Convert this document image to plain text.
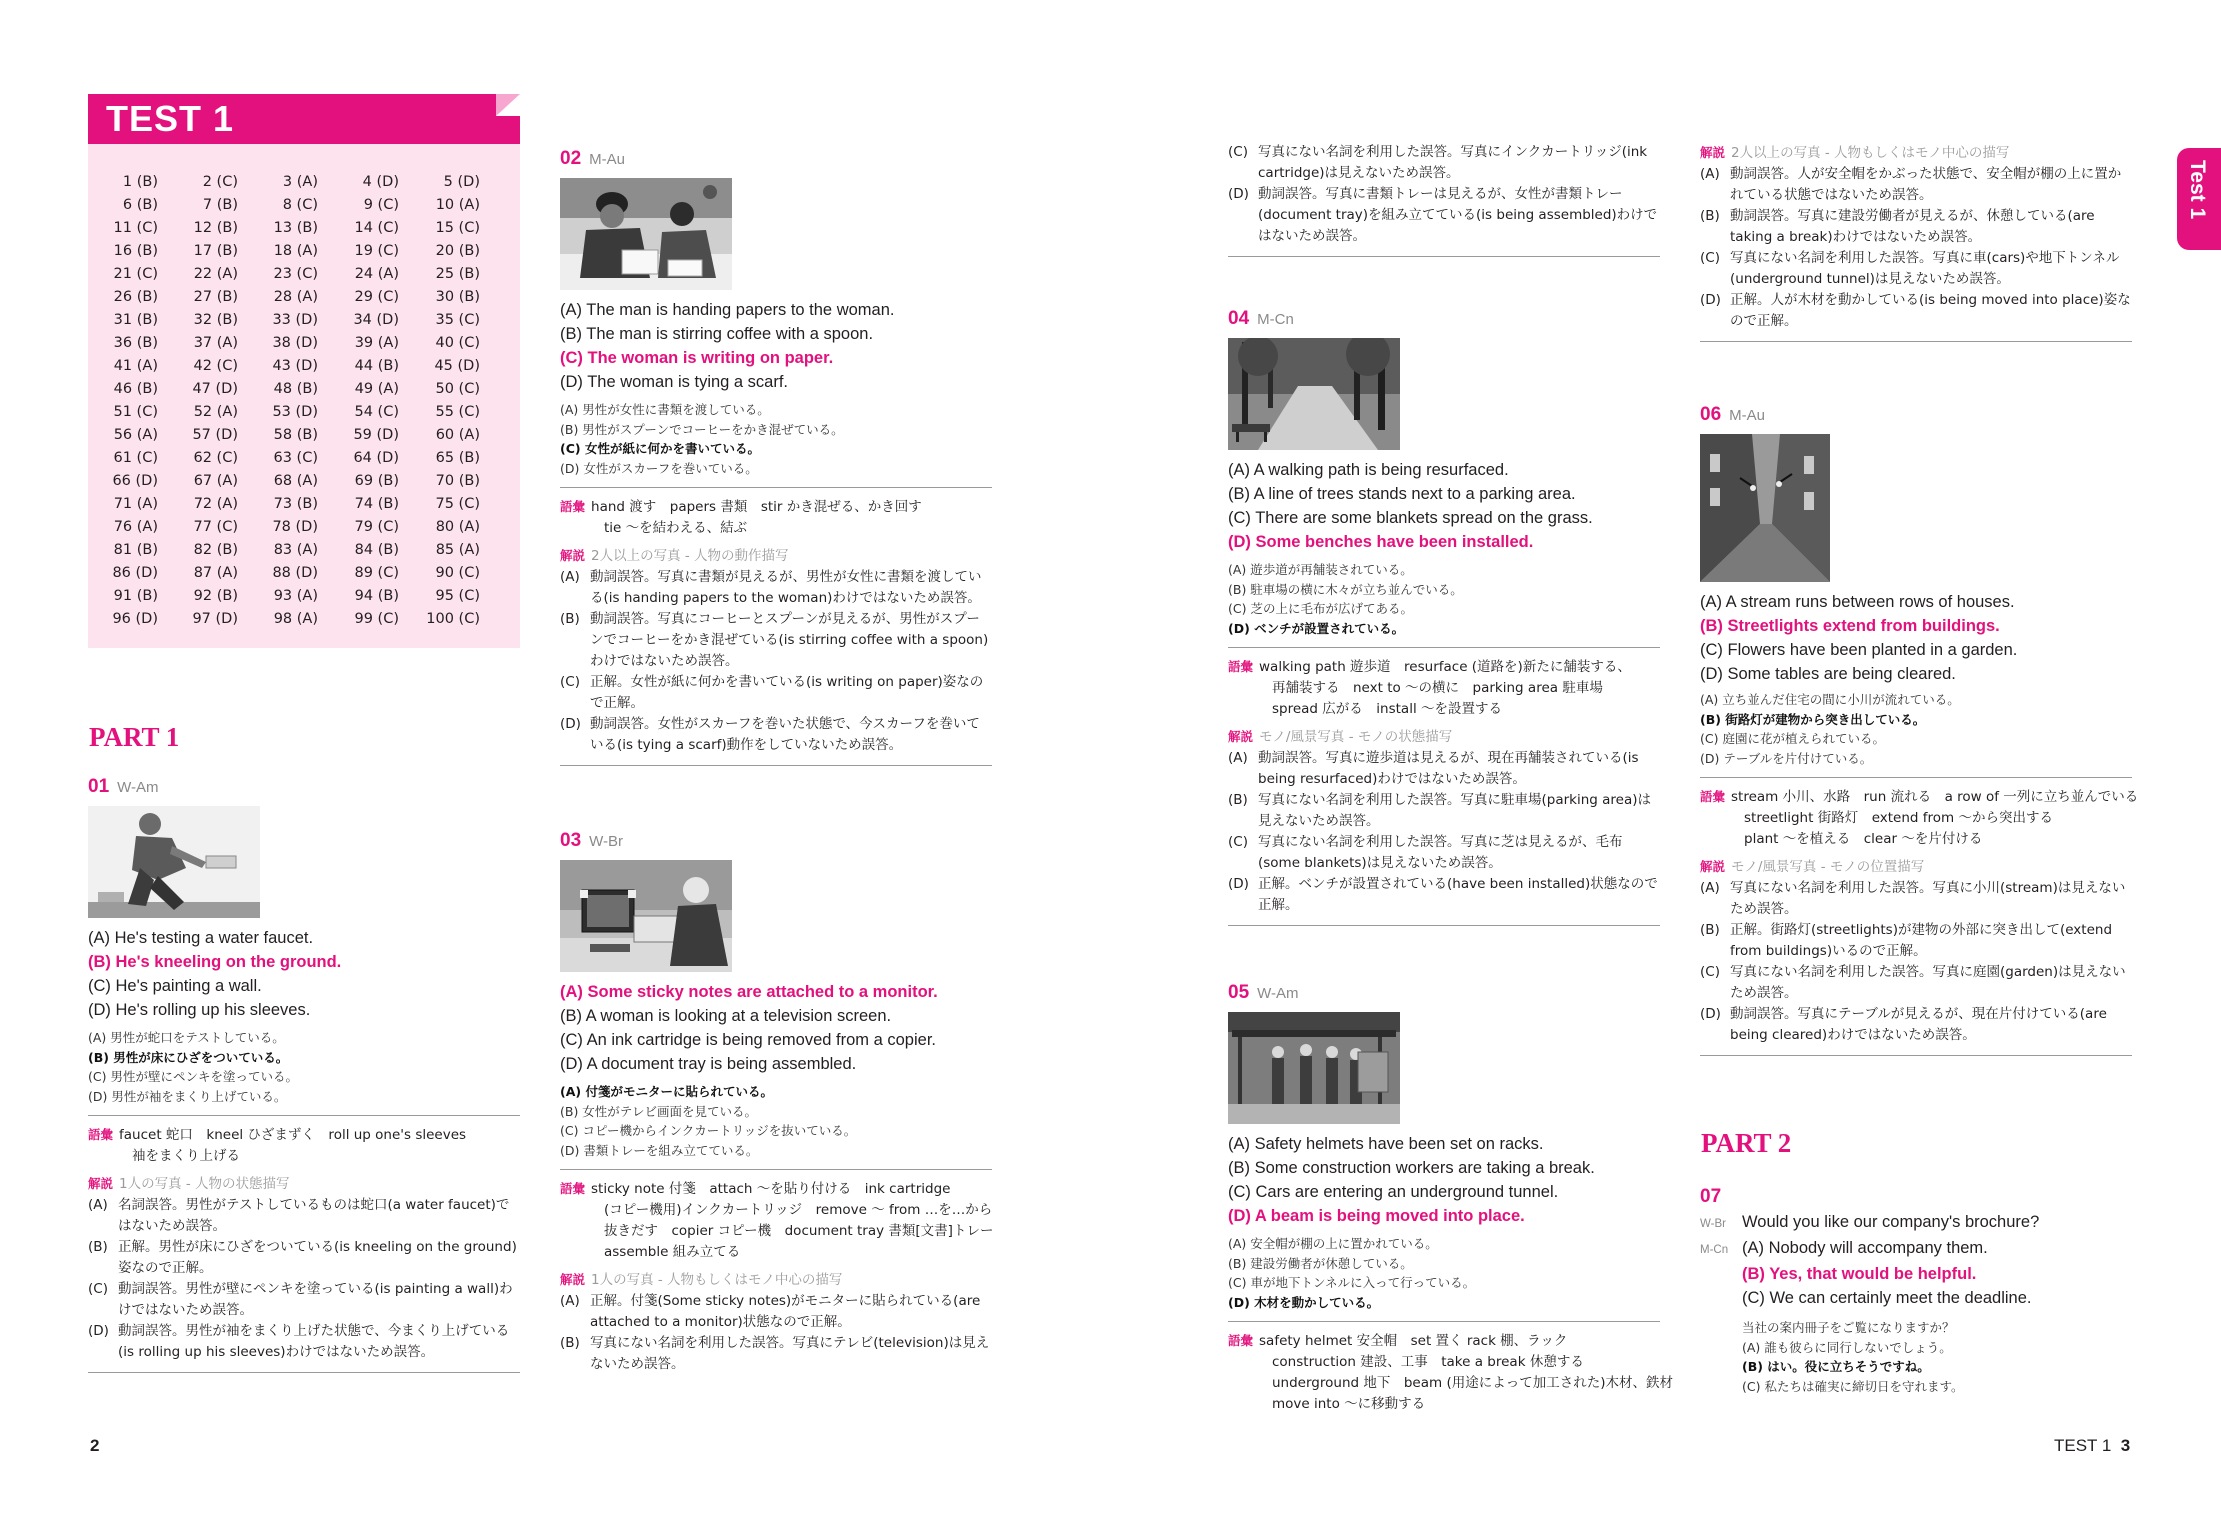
TEST 1
1 (B)	2 (C)	3 (A)	4 (D)	5 (D)
6 (B)	7 (B)	8 (C)	9 (C)	10 (A)
11 (C)	12 (B)	13 (B)	14 (C)	15 (C)
16 (B)	17 (B)	18 (A)	19 (C)	20 (B)
21 (C)	22 (A)	23 (C)	24 (A)	25 (B)
26 (B)	27 (B)	28 (A)	29 (C)	30 (B)
31 (B)	32 (B)	33 (D)	34 (D)	35 (C)
36 (B)	37 (A)	38 (D)	39 (A)	40 (C)
41 (A)	42 (C)	43 (D)	44 (B)	45 (D)
46 (B)	47 (D)	48 (B)	49 (A)	50 (C)
51 (C)	52 (A)	53 (D)	54 (C)	55 (C)
56 (A)	57 (D)	58 (B)	59 (D)	60 (A)
61 (C)	62 (C)	63 (C)	64 (D)	65 (B)
66 (D)	67 (A)	68 (A)	69 (B)	70 (B)
71 (A)	72 (A)	73 (B)	74 (B)	75 (C)
76 (A)	77 (C)	78 (D)	79 (C)	80 (A)
81 (B)	82 (B)	83 (A)	84 (B)	85 (A)
86 (D)	87 (A)	88 (D)	89 (C)	90 (C)
91 (B)	92 (B)	93 (A)	94 (B)	95 (C)
96 (D)	97 (D)	98 (A)	99 (C)	100 (C)
PART 1
01 W-Am
(A) He's testing a water faucet.
(B) He's kneeling on the ground.
(C) He's painting a wall.
(D) He's rolling up his sleeves.
(A) 男性が蛇口をテストしている。
(B) 男性が床にひざをついている。
(C) 男性が壁にペンキを塗っている。
(D) 男性が袖をまくり上げている。
語彙 faucet 蛇口　kneel ひざまずく　roll up one's sleeves
袖をまくり上げる
解説 1人の写真 - 人物の状態描写
(A) 名詞誤答。男性がテストしているものは蛇口(a water faucet)ではないため誤答。
(B) 正解。男性が床にひざをついている(is kneeling on the ground)姿なので正解。
(C) 動詞誤答。男性が壁にペンキを塗っている(is painting a wall)わけではないため誤答。
(D) 動詞誤答。男性が袖をまくり上げた状態で、今まくり上げている(is rolling up his sleeves)わけではないため誤答。
02 M-Au
(A) The man is handing papers to the woman.
(B) The man is stirring coffee with a spoon.
(C) The woman is writing on paper.
(D) The woman is tying a scarf.
(A) 男性が女性に書類を渡している。
(B) 男性がスプーンでコーヒーをかき混ぜている。
(C) 女性が紙に何かを書いている。
(D) 女性がスカーフを巻いている。
語彙 hand 渡す　papers 書類　stir かき混ぜる、かき回す
tie ～を結わえる、結ぶ
解説 2人以上の写真 - 人物の動作描写
(A) 動詞誤答。写真に書類が見えるが、男性が女性に書類を渡している(is handing papers to the woman)わけではないため誤答。
(B) 動詞誤答。写真にコーヒーとスプーンが見えるが、男性がスプーンでコーヒーをかき混ぜている(is stirring coffee with a spoon)わけではないため誤答。
(C) 正解。女性が紙に何かを書いている(is writing on paper)姿なので正解。
(D) 動詞誤答。女性がスカーフを巻いた状態で、今スカーフを巻いている(is tying a scarf)動作をしていないため誤答。
03 W-Br
(A) Some sticky notes are attached to a monitor.
(B) A woman is looking at a television screen.
(C) An ink cartridge is being removed from a copier.
(D) A document tray is being assembled.
(A) 付箋がモニターに貼られている。
(B) 女性がテレビ画面を見ている。
(C) コピー機からインクカートリッジを抜いている。
(D) 書類トレーを組み立てている。
語彙 sticky note 付箋　attach ～を貼り付ける　ink cartridge
(コピー機用)インクカートリッジ　remove ～ from …を…から
抜きだす　copier コピー機　document tray 書類[文書]トレー
assemble 組み立てる
解説 1人の写真 - 人物もしくはモノ中心の描写
(A) 正解。付箋(Some sticky notes)がモニターに貼られている(are attached to a monitor)状態なので正解。
(B) 写真にない名詞を利用した誤答。写真にテレビ(television)は見えないため誤答。
2
(C) 写真にない名詞を利用した誤答。写真にインクカートリッジ(ink cartridge)は見えないため誤答。
(D) 動詞誤答。写真に書類トレーは見えるが、女性が書類トレー(document tray)を組み立てている(is being assembled)わけではないため誤答。
04 M-Cn
(A) A walking path is being resurfaced.
(B) A line of trees stands next to a parking area.
(C) There are some blankets spread on the grass.
(D) Some benches have been installed.
(A) 遊歩道が再舗装されている。
(B) 駐車場の横に木々が立ち並んでいる。
(C) 芝の上に毛布が広げてある。
(D) ベンチが設置されている。
語彙 walking path 遊歩道　resurface (道路を)新たに舗装する、
再舗装する　next to ～の横に　parking area 駐車場
spread 広がる　install ～を設置する
解説 モノ/風景写真 - モノの状態描写
(A) 動詞誤答。写真に遊歩道は見えるが、現在再舗装されている(is being resurfaced)わけではないため誤答。
(B) 写真にない名詞を利用した誤答。写真に駐車場(parking area)は見えないため誤答。
(C) 写真にない名詞を利用した誤答。写真に芝は見えるが、毛布(some blankets)は見えないため誤答。
(D) 正解。ベンチが設置されている(have been installed)状態なので正解。
05 W-Am
(A) Safety helmets have been set on racks.
(B) Some construction workers are taking a break.
(C) Cars are entering an underground tunnel.
(D) A beam is being moved into place.
(A) 安全帽が棚の上に置かれている。
(B) 建設労働者が休憩している。
(C) 車が地下トンネルに入って行っている。
(D) 木材を動かしている。
語彙 safety helmet 安全帽　set 置く rack 棚、ラック
construction 建設、工事　take a break 休憩する
underground 地下　beam (用途によって加工された)木材、鉄材
move into ～に移動する
解説 2人以上の写真 - 人物もしくはモノ中心の描写
(A) 動詞誤答。人が安全帽をかぶった状態で、安全帽が棚の上に置かれている状態ではないため誤答。
(B) 動詞誤答。写真に建設労働者が見えるが、休憩している(are taking a break)わけではないため誤答。
(C) 写真にない名詞を利用した誤答。写真に車(cars)や地下トンネル(underground tunnel)は見えないため誤答。
(D) 正解。人が木材を動かしている(is being moved into place)姿なので正解。
06 M-Au
(A) A stream runs between rows of houses.
(B) Streetlights extend from buildings.
(C) Flowers have been planted in a garden.
(D) Some tables are being cleared.
(A) 立ち並んだ住宅の間に小川が流れている。
(B) 街路灯が建物から突き出している。
(C) 庭園に花が植えられている。
(D) テーブルを片付けている。
語彙 stream 小川、水路　run 流れる　a row of 一列に立ち並んでいる
streetlight 街路灯　extend from ～から突出する
plant ～を植える　clear ～を片付ける
解説 モノ/風景写真 - モノの位置描写
(A) 写真にない名詞を利用した誤答。写真に小川(stream)は見えないため誤答。
(B) 正解。街路灯(streetlights)が建物の外部に突き出して(extend from buildings)いるので正解。
(C) 写真にない名詞を利用した誤答。写真に庭園(garden)は見えないため誤答。
(D) 動詞誤答。写真にテーブルが見えるが、現在片付けている(are being cleared)わけではないため誤答。
PART 2
07
W-Br Would you like our company's brochure?
M-Cn (A) Nobody will accompany them.
(B) Yes, that would be helpful.
(C) We can certainly meet the deadline.
当社の案内冊子をご覧になりますか？
(A) 誰も彼らに同行しないでしょう。
(B) はい。役に立ちそうですね。
(C) 私たちは確実に締切日を守れます。
Test 1
TEST 1 3
